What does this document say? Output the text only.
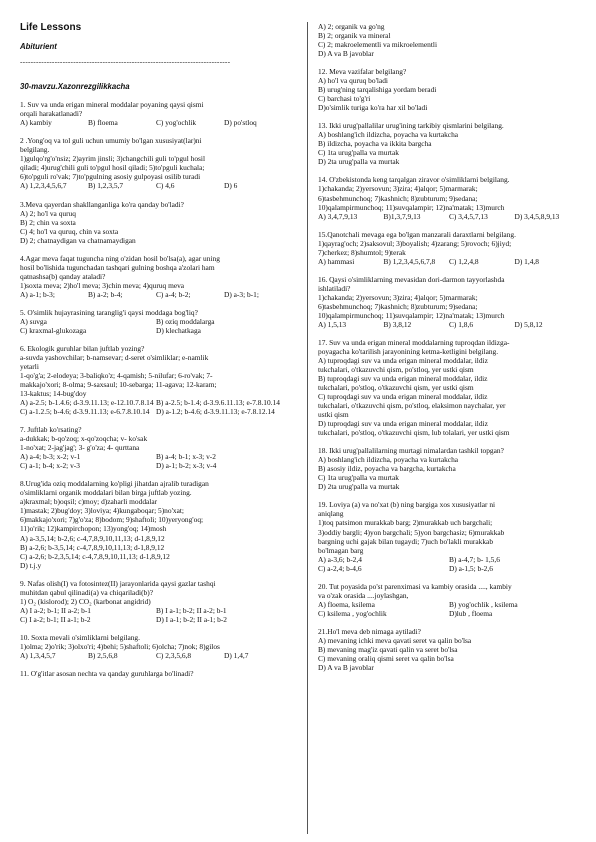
Life Lessons
Abiturient
-------------------------------------------------------------------------------
30-mavzu.Xazonrezgilikkacha

1. Suv va unda erigan mineral moddalar poyaning qaysi qismi

orqali harakatlanadi?

A) kambiy	B) floema	C) yog'ochlik	D) po'stloq

2 .Yong'oq va tol guli uchun umumiy bo'lgan xususiyat(lar)ni

belgilang.

1)gulqo'rg'o'nsiz; 2)ayrim jinsli; 3)changchili guli to'pgul hosil

qiladi; 4)urug'chili guli to'pgul hosil qiladi; 5)to'pguli kuchala;

6)to'pguli ro'vak; 7)to'pgulning asosiy gulpoyasi osilib turadi

A) 1,2,3,4,5,6,7	B) 1,2,3,5,7	C) 4,6	D) 6

3.Meva qayerdan shakllanganligа ko'ra qanday bo'ladi?

A) 2; ho'l va quruq

B) 2; chin va soxta

C) 4; ho'l va quruq, chin va soxta

D) 2; chatnaydigan va chatnamaydigan

4.Agar meva faqat tuguncha ning o'zidan hosil bo'lsa(a), agar uning

hosil bo'lishida tugunchadan tashqari gulning boshqa a'zolari ham

qatnashsa(b) qanday ataladi?

1)soxta meva; 2)ho'l meva; 3)chin meva; 4)quruq meva

A) a-1; b-3;	B) a-2; b-4;	C) a-4; b-2;	D) a-3; b-1;

5. O'simlik hujayrasining taranglig'i qaysi moddaga bog'liq?

A) suvga	B) oziq moddalarga
C) kraxmal-glukozaga	D) klechatkaga

6. Ekologik guruhlar bilan juftlab yozing?

a-suvda yashovchilar; b-namsevar; d-seret o'simliklar; e-namlik

yetarli

1-qo'g'a; 2-elodeya; 3-baliqko'z; 4-qamish; 5-nilufar; 6-ro'vak; 7-

makkajo'xori; 8-olma; 9-saxsaul; 10-sebarga; 11-agava; 12-karam;

13-kaktus; 14-bug'doy

A) a-2.5; b-1.4.6; d-3.9.11.13; e-12.10.7.8.14 B) a-2.5; b-1.4; d-3.9.6.11.13; e-7.8.10.14
C) a-1.2.5; b-4.6; d-3.9.11.13; e-6.7.8.10.14 D) a-1.2; b-4.6; d-3.9.11.13; e-7.8.12.14

7. Juftlab ko'rsating?

a-dukkak; b-qo'zoq; x-qo'zoqcha; v- ko'sak

1-no'xat; 2-jag'jag'; 3- g'o'za; 4- qurttana

A) a-4; b-3; x-2; v-1	B) a-4; b-1; x-3; v-2
C) a-1; b-4; x-2; v-3	D) a-1; b-2; x-3; v-4

8.Urug'ida oziq moddalarning ko'pligi jihatdan ajralib turadigan

o'simliklarni organik moddalari bilan birga juftlab yozing.

a)kraxmal; b)oqsil; c)moy; d)zaharli moddalar

1)mastak; 2)bug'doy; 3)loviya; 4)kungaboqar; 5)no'xat;

6)makkajo'xori; 7)g'o'za; 8)bodom; 9)shaftoli; 10)yeryong'oq;

11)o'rik; 12)kampirchopon; 13)yong'oq; 14)mosh

A) a-3,5,14; b-2,6; c-4,7,8,9,10,11,13; d-1,8,9,12

B) a-2,6; b-3,5,14; c-4,7,8,9,10,11,13; d-1,8,9,12

C) a-2,6; b-2,3,5,14; c-4,7,8,9,10,11,13; d-1,8,9,12

D) t.j.y

9. Nafas olish(I) va fotosintez(II) jarayonlarida qaysi gazlar tashqi

muhitdan qabul qilinadi(a) va chiqariladi(b)?

1) O₂ (kislorod); 2) CO₂ (karbonat angidrid)

A) I a-2; b-1; II a-2; b-1	B) I a-1; b-2; II a-2; b-1
C) I a-2; b-1; II a-1; b-2	D) I a-1; b-2; II a-1; b-2

10. Soxta mevali o'simliklarni belgilang.

1)olma; 2)o'rik; 3)olxo'ri; 4)behi; 5)shaftoli; 6)olcha; 7)nok; 8)gilos

A) 1,3,4,5,7	B) 2,5,6,8	C) 2,3,5,6,8	D) 1,4,7

11. O'g'itlar asosan nechta va qanday guruhlarga bo'linadi?

A) 2; organik va go'ng

B) 2; organik va mineral

C) 2; makroelementli va mikroelementli

D) A va B javoblar

12. Meva vazifalar belgilang?

A) ho'l va quruq bo'ladi

B) urug'ning tarqalishiga yordam beradi

C) barchasi to'g'ri

D)o'simlik turiga ko'ra har xil bo'ladi

13. Ikki urug'pallalilar urug'ining tarkibiy qismlarini belgilang.

A) boshlang'ich ildizcha, poyacha va kurtakcha

B) ildizcha, poyacha va ikkita bargcha

C) 1ta urug'palla va murtak

D) 2ta urug'palla va murtak

14. O'zbekistonda keng tarqalgan ziravor o'simliklarni belgilang.

1)chakanda; 2)yersovun; 3)zira; 4)alqor; 5)marmarak;

6)tasbehmunchoq; 7)kashnich; 8)zubturum; 9)sedana;

10)qalampirmunchoq; 11)suvqalampir; 12)na'matak; 13)murch

A) 3,4,7,9,13	B)1,3,7,9,13	C) 3,4,5,7,13	D) 3,4,5,8,9,13

15.Qanotchali mevaga ega bo'lgan manzarali daraxtlarni belgilang.

1)qayrag'och; 2)saksovul; 3)boyalish; 4)zarang; 5)rovoch; 6)jiyd;

7)cherkez; 8)shumtol; 9)terak

A) hammasi	B) 1,2,3,4,5,6,7,8	C) 1,2,4,8	D) 1,4,8

16. Qaysi o'simliklarning mevasidan dori-darmon tayyorlashda

ishlatiladi?

1)chakanda; 2)yersovun; 3)zira; 4)alqor; 5)marmarak;

6)tasbehmunchoq; 7)kashnich; 8)zubturum; 9)sedana;

10)qalampirmunchoq; 11)suvqalampir; 12)na'matak; 13)murch

A) 1,5,13	B) 3,8,12	C) 1,8,6	D) 5,8,12

17. Suv va unda erigan mineral moddalarning tuproqdan ildizga-

poyagacha ko'tarilish jarayonining ketma-ketligini belgilang.

A) tuproqdagi suv va unda erigan mineral moddalar, ildiz

tukchalari, o'tkazuvchi qism, po'stloq, yer ustki qism

B) tuproqdagi suv va unda erigan mineral moddalar, ildiz

tukchalari, po'stloq, o'tkazuvchi qism, yer ustki qism

C) tuproqdagi suv va unda erigan mineral moddalar, ildiz

tukchalari, o'tkazuvchi qism, po'stloq, elaksimon naychalar, yer

ustki qism

D) tuproqdagi suv va unda erigan mineral moddalar, ildiz

tukchalari, po'stloq, o'tkazuvchi qism, lub tolalari, yer ustki qism

18. Ikki urug'pallalilarning murtagi nimalardan tashkil topgan?

A) boshlang'ich ildizcha, poyacha va kurtakcha

B) asosiy ildiz, poyacha va bargcha, kurtakcha

C) 1ta urug'palla va murtak

D) 2ta urug'palla va murtak

19. Loviya (a) va no'xat (b) ning bargiga xos xususiyatlar ni

aniqlang

1)toq patsimon murakkab barg; 2)murakkab uch bargchali;

3)oddiy bargli; 4)yon bargchali; 5)yon bargchasiz; 6)murakkab

bargning uchi gajak bilan tugaydi; 7)uch bo'lakli murakkab

bo'lmagan barg

A) a-3,6; b-2,4	B) a-4,7; b- 1,5,6
C) a-2,4; b-4,6	D) a-1,5; b-2,6

20. Tut poyasida po'st parenximasi va kambiy orasida ...., kambiy

va o'zak orasida ....joylashgan,

A) floema, ksilema	B) yog'ochlik , ksilema
C) ksilema , yog'ochlik	D)lub , floema

21.Ho'l meva deb nimaga aytiladi?

A) mevaning ichki meva qavati seret va qalin bo'lsa

B) mevaning mag'iz qavati qalin va seret bo'lsa

C) mevaning oraliq qismi seret va qalin bo'lsa

D) A va B javoblar
